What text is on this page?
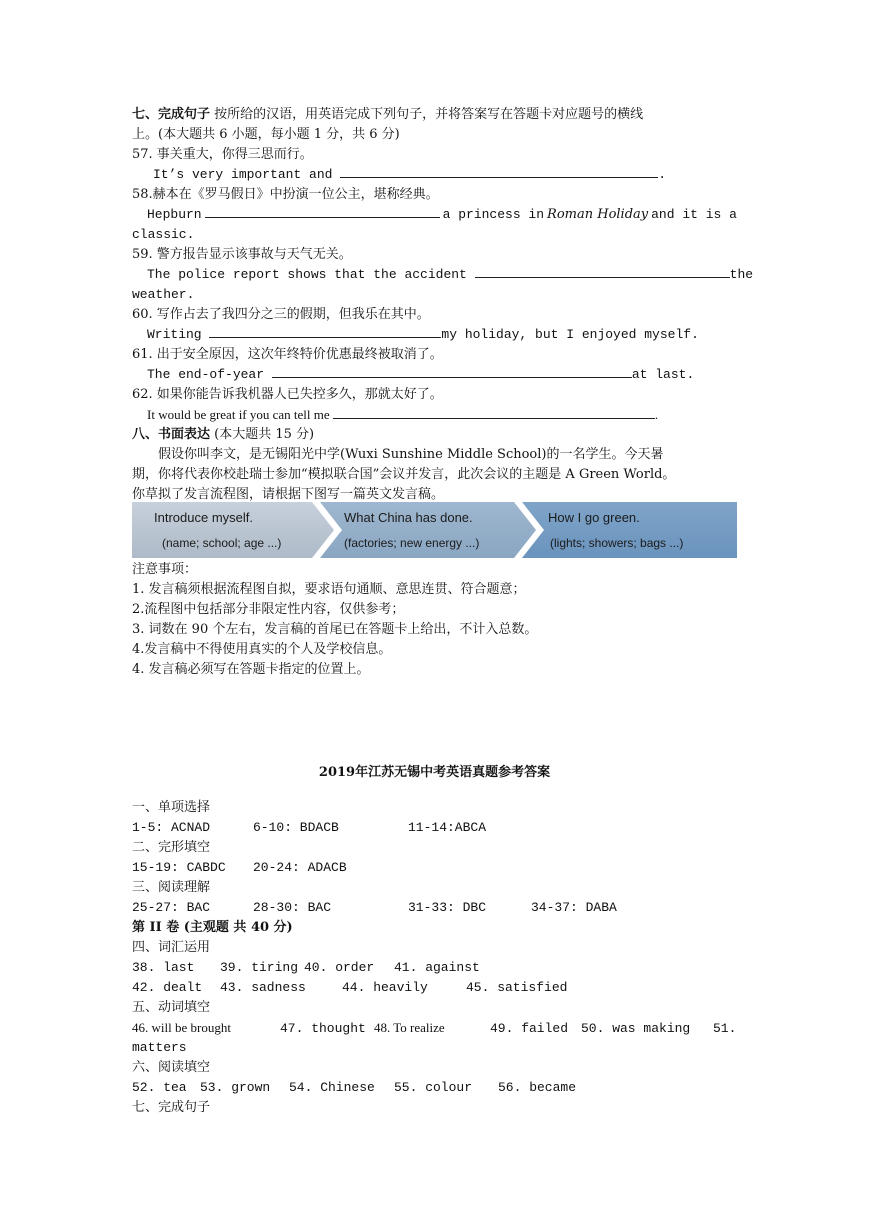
七、完成句子 按所给的汉语，用英语完成下列句子，并将答案写在答题卡对应题号的横线
上。(本大题共 6 小题，每小题 1 分，共 6 分)
57. 事关重大，你得三思而行。
It’s very important and	.
58.赫本在《罗马假日》中扮演一位公主，堪称经典。
Hepburn	a princess in Roman Holiday and it is a
classic.
59. 警方报告显示该事故与天气无关。
The police report shows that the accident	the
weather.
60. 写作占去了我四分之三的假期，但我乐在其中。
Writing	my holiday, but I enjoyed myself.
61. 出于安全原因，这次年终特价优惠最终被取消了。
The end-of-year	at last.
62. 如果你能告诉我机器人已失控多久，那就太好了。
It would be great if you can tell me	.
八、书面表达 (本大题共 15 分)
假设你叫李文，是无锡阳光中学(Wuxi Sunshine Middle School)的一名学生。今天暑
期，你将代表你校赴瑞士参加“模拟联合国”会议并发言，此次会议的主题是 A Green World。
你草拟了发言流程图，请根据下图写一篇英文发言稿。
Introduce myself.
(name; school; age ...)
What China has done.
(factories; new energy ...)
How I go green.
(lights; showers; bags ...)
注意事项：
1. 发言稿须根据流程图自拟，要求语句通顺、意思连贯、符合题意；
2.流程图中包括部分非限定性内容，仅供参考；
3. 词数在 90 个左右，发言稿的首尾已在答题卡上给出，不计入总数。
4.发言稿中不得使用真实的个人及学校信息。
4. 发言稿必须写在答题卡指定的位置上。
2019年江苏无锡中考英语真题参考答案
一、单项选择
1-5: ACNAD	6-10: BDACB	11-14:ABCA
二、完形填空
15-19: CABDC 20-24: ADACB
三、阅读理解
25-27: BAC	28-30: BAC	31-33: DBC	34-37: DABA
第 II 卷 (主观题 共 40 分)
四、词汇运用
38. last 39. tiring 40. order 41. against
42. dealt 43. sadness	44. heavily	45. satisfied
五、动词填空
46. will be brought	47. thought 48. To realize	49. failed 50. was making 51.
matters
六、阅读填空
52. tea 53. grown 54. Chinese 55. colour 56. became
七、完成句子
